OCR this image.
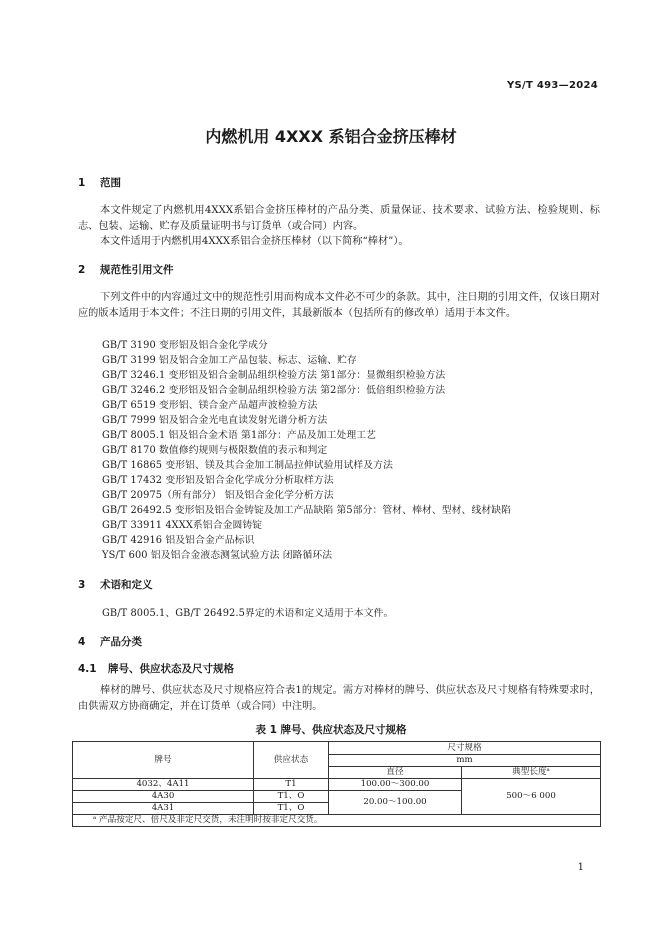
YS/T 493—2024
内燃机用 4XXX 系铝合金挤压棒材
1 范围
本文件规定了内燃机用4XXX系铝合金挤压棒材的产品分类、质量保证、技术要求、试验方法、检验规则、标志、包装、运输、贮存及质量证明书与订货单（或合同）内容。
本文件适用于内燃机用4XXX系铝合金挤压棒材（以下简称“棒材”）。
2 规范性引用文件
下列文件中的内容通过文中的规范性引用而构成本文件必不可少的条款。其中，注日期的引用文件，仅该日期对应的版本适用于本文件；不注日期的引用文件，其最新版本（包括所有的修改单）适用于本文件。
GB/T 3190 变形铝及铝合金化学成分
GB/T 3199 铝及铝合金加工产品包装、标志、运输、贮存
GB/T 3246.1 变形铝及铝合金制品组织检验方法 第1部分：显微组织检验方法
GB/T 3246.2 变形铝及铝合金制品组织检验方法 第2部分：低倍组织检验方法
GB/T 6519 变形铝、镁合金产品超声波检验方法
GB/T 7999 铝及铝合金光电直读发射光谱分析方法
GB/T 8005.1 铝及铝合金术语 第1部分：产品及加工处理工艺
GB/T 8170 数值修约规则与极限数值的表示和判定
GB/T 16865 变形铝、镁及其合金加工制品拉伸试验用试样及方法
GB/T 17432 变形铝及铝合金化学成分分析取样方法
GB/T 20975（所有部分） 铝及铝合金化学分析方法
GB/T 26492.5 变形铝及铝合金铸锭及加工产品缺陷 第5部分：管材、棒材、型材、线材缺陷
GB/T 33911 4XXX系铝合金圆铸锭
GB/T 42916 铝及铝合金产品标识
YS/T 600 铝及铝合金液态测氢试验方法 闭路循环法
3 术语和定义
GB/T 8005.1、GB/T 26492.5界定的术语和定义适用于本文件。
4 产品分类
4.1 牌号、供应状态及尺寸规格
棒材的牌号、供应状态及尺寸规格应符合表1的规定。需方对棒材的牌号、供应状态及尺寸规格有特殊要求时，由供需双方协商确定，并在订货单（或合同）中注明。
表 1 牌号、供应状态及尺寸规格
牌号	供应状态	尺寸规格	
		mm	
		直径	典型长度ᵃ
4032、4A11	T1	100.00～300.00	500～6 000
4A30	T1、O	20.00～100.00	
4A31	T1、O		
ᵃ 产品按定尺、倍尺及非定尺交货，未注明时按非定尺交货。			
1
